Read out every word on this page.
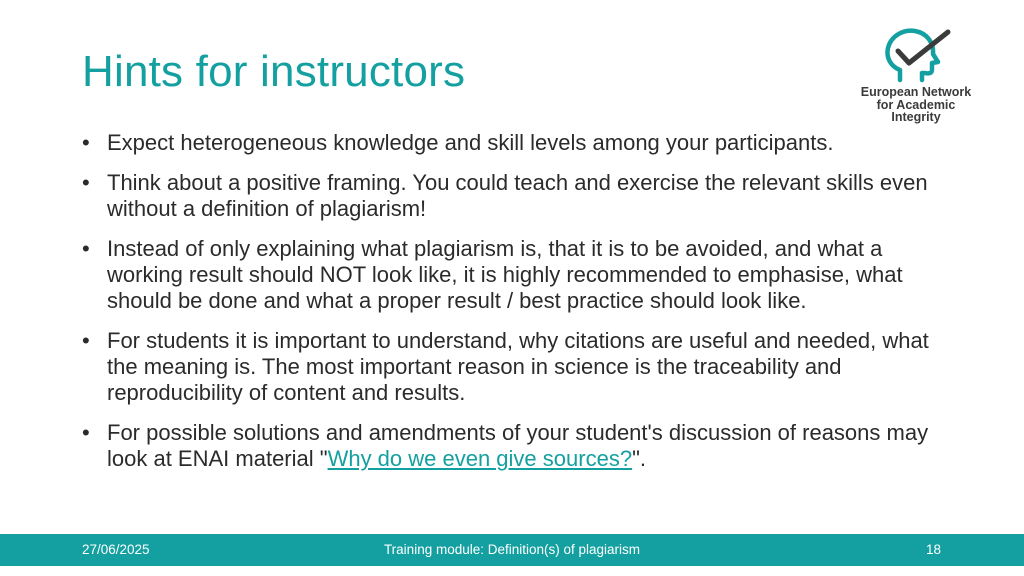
Hints for instructors	European Network
for Academic
Integrity
• Expect heterogeneous knowledge and skill levels among your participants.
• Think about a positive framing. You could teach and exercise the relevant skills even without a definition of plagiarism!
• Instead of only explaining what plagiarism is, that it is to be avoided, and what a working result should NOT look like, it is highly recommended to emphasise, what should be done and what a proper result / best practice should look like.
• For students it is important to understand, why citations are useful and needed, what the meaning is. The most important reason in science is the traceability and reproducibility of content and results.
• For possible solutions and amendments of your student's discussion of reasons may look at ENAI material "Why do we even give sources?".
27/06/2025	Training module: Definition(s) of plagiarism	18
